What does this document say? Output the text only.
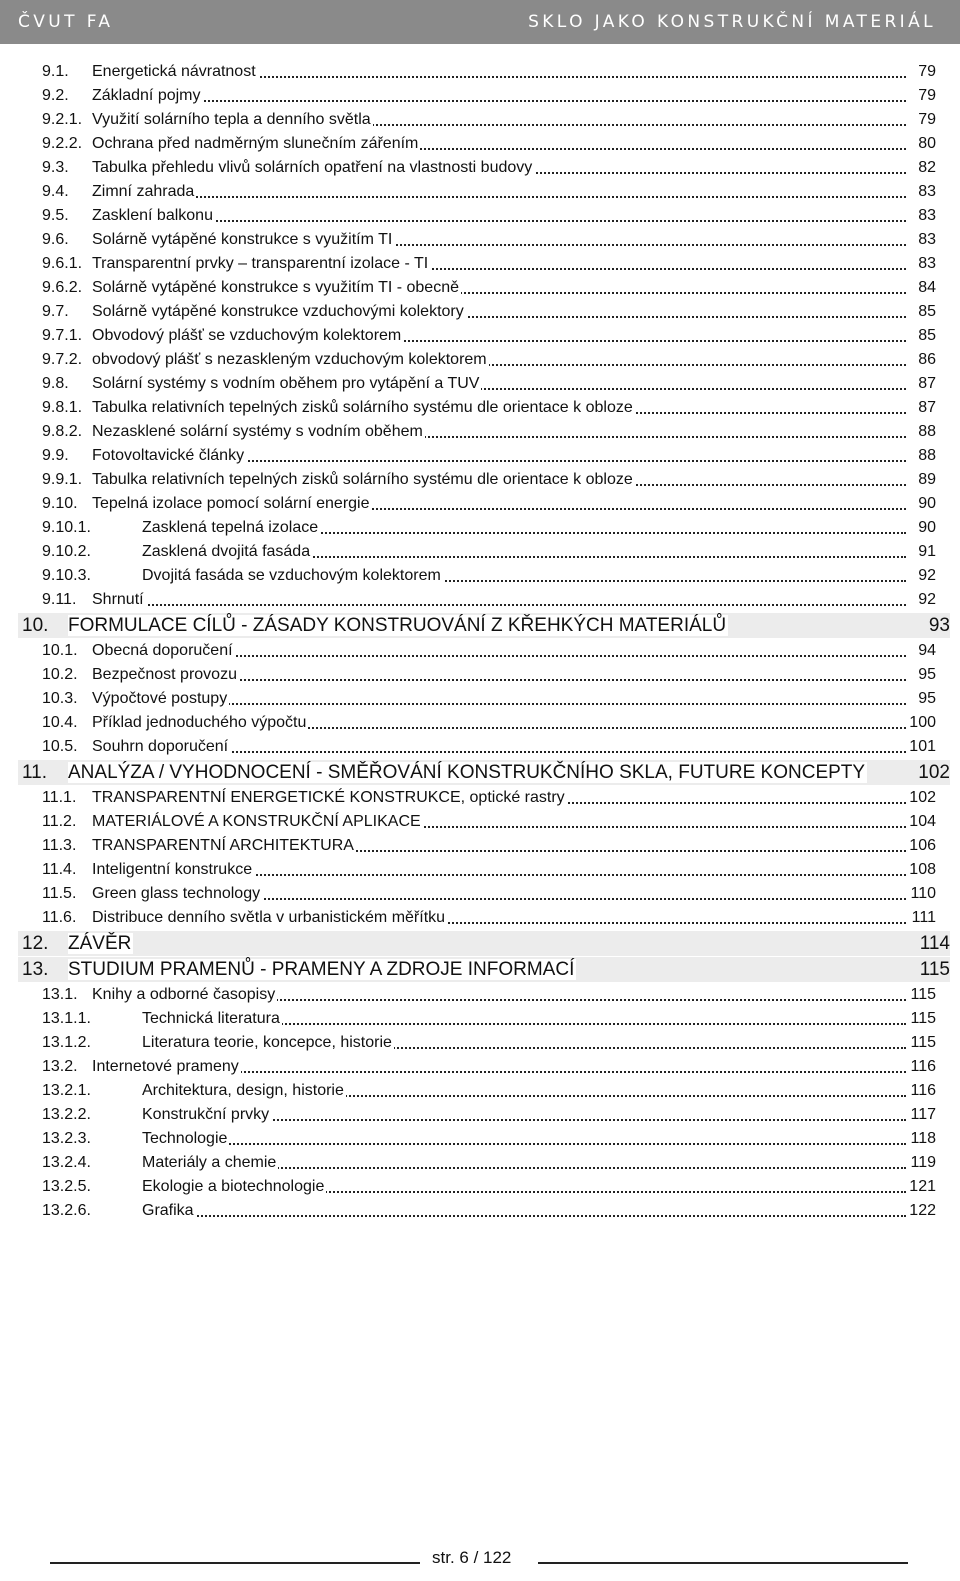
ČVUT FA	SKLO JAKO KONSTRUKČNÍ MATERIÁL
9.1. Energetická návratnost	79
9.2. Základní pojmy	79
9.2.1. Využití solárního tepla a denního světla	79
9.2.2. Ochrana před nadměrným slunečním zářením	80
9.3. Tabulka přehledu vlivů solárních opatření na vlastnosti budovy	82
9.4. Zimní zahrada	83
9.5. Zasklení balkonu	83
9.6. Solárně vytápěné konstrukce s využitím TI	83
9.6.1. Transparentní prvky – transparentní izolace - TI	83
9.6.2. Solárně vytápěné konstrukce s využitím TI - obecně	84
9.7. Solárně vytápěné konstrukce vzduchovými kolektory	85
9.7.1. Obvodový plášť se vzduchovým kolektorem	85
9.7.2. obvodový plášť s nezaskleným vzduchovým kolektorem	86
9.8. Solární systémy s vodním oběhem pro vytápění a TUV	87
9.8.1. Tabulka relativních tepelných zisků solárního systému dle orientace k obloze	87
9.8.2. Nezasklené solární systémy s vodním oběhem	88
9.9. Fotovoltavické články	88
9.9.1. Tabulka relativních tepelných zisků solárního systému dle orientace k obloze	89
9.10. Tepelná izolace pomocí solární energie	90
9.10.1.	Zasklená tepelná izolace	90
9.10.2.	Zasklená dvojitá fasáda	91
9.10.3.	Dvojitá fasáda se vzduchovým kolektorem	92
9.11. Shrnutí	92
10. FORMULACE CÍLŮ - ZÁSADY KONSTRUOVÁNÍ Z KŘEHKÝCH MATERIÁLŮ	93
10.1. Obecná doporučení	94
10.2. Bezpečnost provozu	95
10.3. Výpočtové postupy	95
10.4. Příklad jednoduchého výpočtu	100
10.5. Souhrn doporučení	101
11. ANALÝZA / VYHODNOCENÍ - SMĚŘOVÁNÍ KONSTRUKČNÍHO SKLA, FUTURE KONCEPTY	102
11.1. TRANSPARENTNÍ ENERGETICKÉ KONSTRUKCE, optické rastry	102
11.2. MATERIÁLOVÉ A KONSTRUKČNÍ APLIKACE	104
11.3. TRANSPARENTNÍ ARCHITEKTURA	106
11.4. Inteligentní konstrukce	108
11.5. Green glass technology	110
11.6. Distribuce denního světla v urbanistickém měřítku	111
12. ZÁVĚR	114
13. STUDIUM PRAMENŮ - PRAMENY A ZDROJE INFORMACÍ	115
13.1. Knihy a odborné časopisy	115
13.1.1.	Technická literatura	115
13.1.2.	Literatura teorie, koncepce, historie	115
13.2. Internetové prameny	116
13.2.1.	Architektura, design, historie	116
13.2.2.	Konstrukční prvky	117
13.2.3.	Technologie	118
13.2.4.	Materiály a chemie	119
13.2.5.	Ekologie a biotechnologie	121
13.2.6.	Grafika	122
str. 6 / 122
